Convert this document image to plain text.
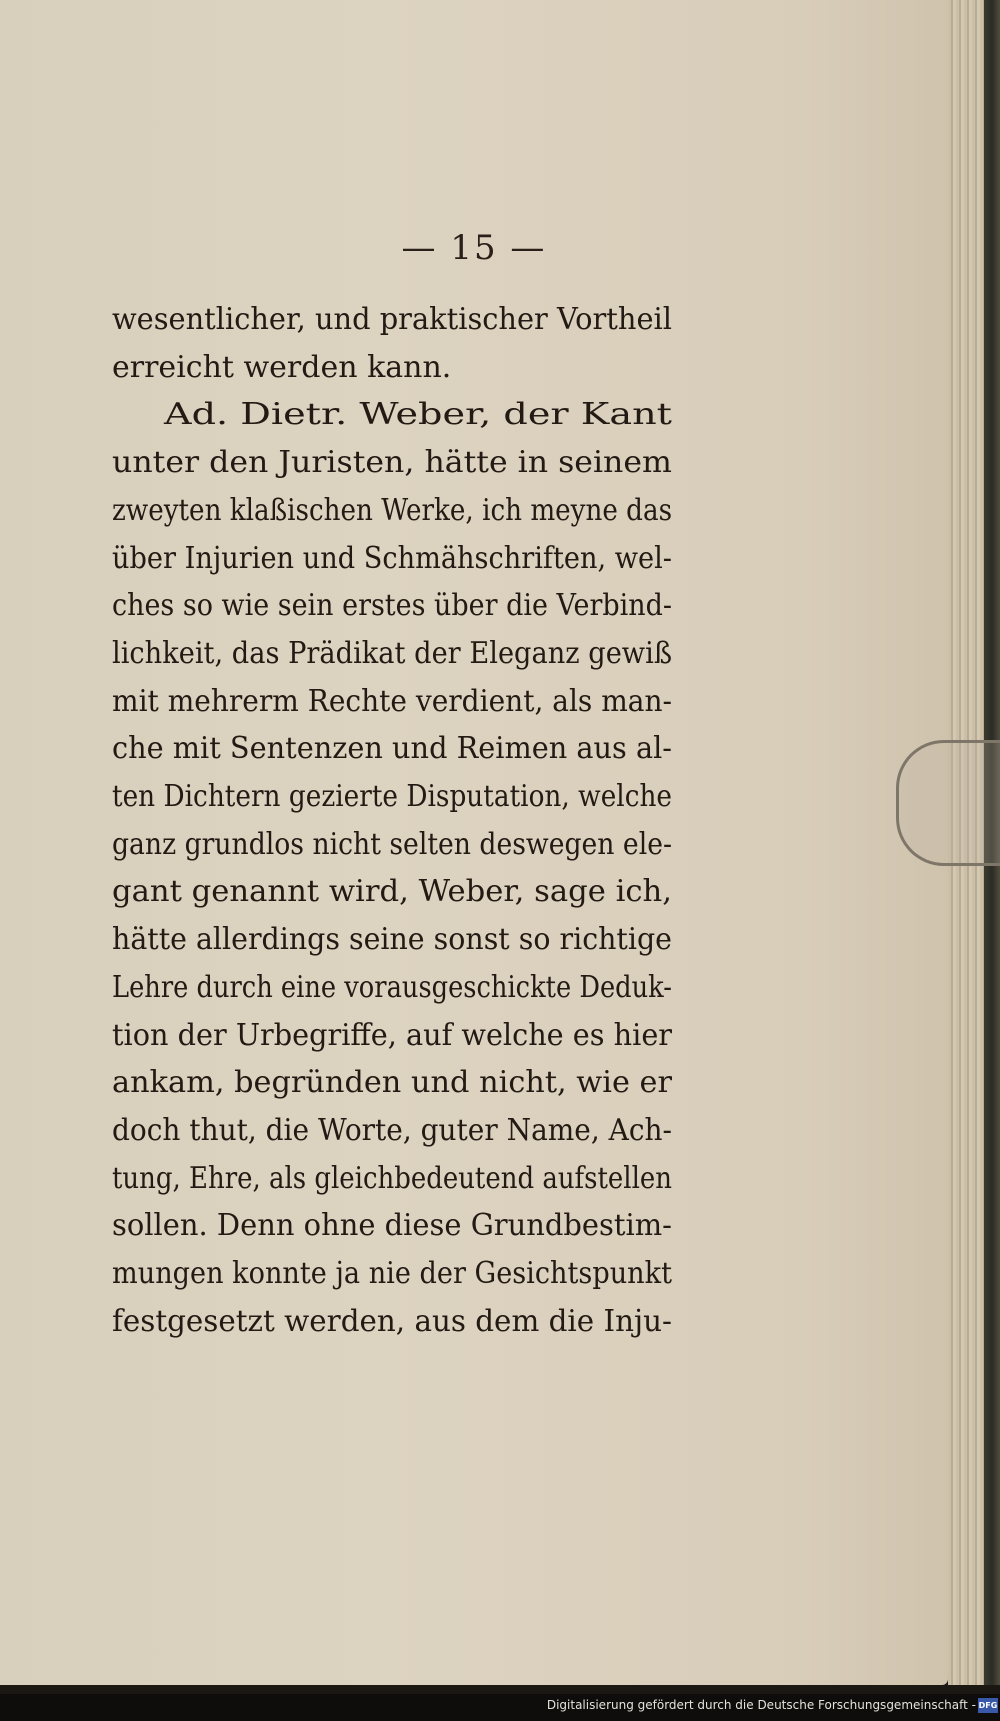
— 15 —
wesentlicher, und praktischer Vortheil
erreicht werden kann.
Ad. Dietr. Weber, der Kant
unter den Juristen, hätte in seinem
zweyten klaßischen Werke, ich meyne das
über Injurien und Schmähschriften, wel-
ches so wie sein erstes über die Verbind-
lichkeit, das Prädikat der Eleganz gewiß
mit mehrerm Rechte verdient, als man-
che mit Sentenzen und Reimen aus al-
ten Dichtern gezierte Disputation, welche
ganz grundlos nicht selten deswegen ele-
gant genannt wird, Weber, sage ich,
hätte allerdings seine sonst so richtige
Lehre durch eine vorausgeschickte Deduk-
tion der Urbegriffe, auf welche es hier
ankam, begründen und nicht, wie er
doch thut, die Worte, guter Name, Ach-
tung, Ehre, als gleichbedeutend aufstellen
sollen. Denn ohne diese Grundbestim-
mungen konnte ja nie der Gesichtspunkt
festgesetzt werden, aus dem die Inju-
Digitalisierung gefördert durch die Deutsche Forschungsgemeinschaft - DFG
